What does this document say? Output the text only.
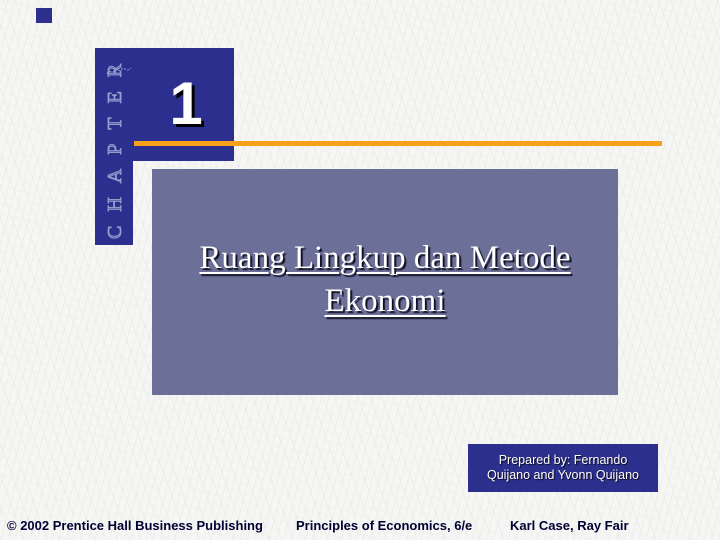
CHAPTER 1
Ruang Lingkup dan Metode Ekonomi
Prepared by: Fernando
Quijano and Yvonn Quijano
© 2002 Prentice Hall Business Publishing	Principles of Economics, 6/e	Karl Case, Ray Fair
